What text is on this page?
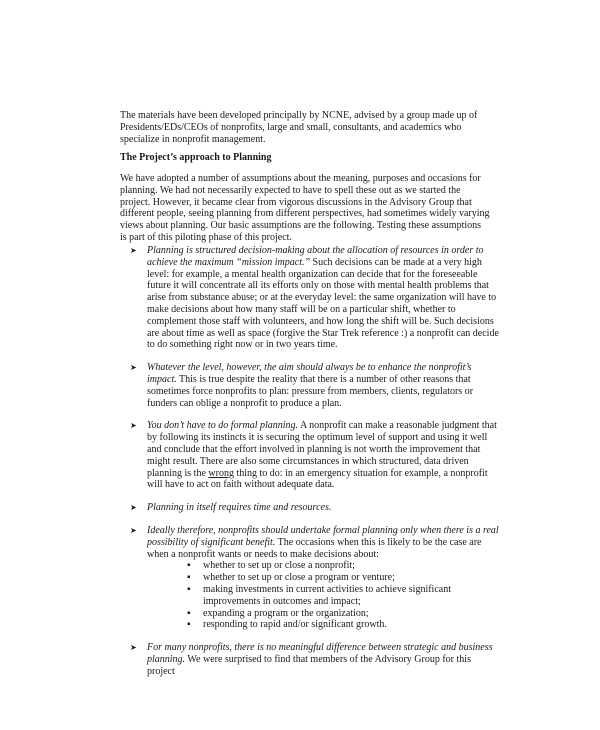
The materials have been developed principally by NCNE, advised by a group made up of Presidents/EDs/CEOs of nonprofits, large and small, consultants, and academics who specialize in nonprofit management.

The Project’s approach to Planning

We have adopted a number of assumptions about the meaning, purposes and occasions for planning. We had not necessarily expected to have to spell these out as we started the project. However, it became clear from vigorous discussions in the Advisory Group that different people, seeing planning from different perspectives, had sometimes widely varying views about planning. Our basic assumptions are the following. Testing these assumptions is part of this piloting phase of this project.

➤ Planning is structured decision-making about the allocation of resources in order to achieve the maximum “mission impact.” Such decisions can be made at a very high level: for example, a mental health organization can decide that for the foreseeable future it will concentrate all its efforts only on those with mental health problems that arise from substance abuse; or at the everyday level: the same organization will have to make decisions about how many staff will be on a particular shift, whether to complement those staff with volunteers, and how long the shift will be. Such decisions are about time as well as space (forgive the Star Trek reference :) a nonprofit can decide to do something right now or in two years time.
➤ Whatever the level, however, the aim should always be to enhance the nonprofit’s impact. This is true despite the reality that there is a number of other reasons that sometimes force nonprofits to plan: pressure from members, clients, regulators or funders can oblige a nonprofit to produce a plan.
➤ You don’t have to do formal planning. A nonprofit can make a reasonable judgment that by following its instincts it is securing the optimum level of support and using it well and conclude that the effort involved in planning is not worth the improvement that might result. There are also some circumstances in which structured, data driven planning is the wrong thing to do: in an emergency situation for example, a nonprofit will have to act on faith without adequate data.
➤ Planning in itself requires time and resources.
➤ Ideally therefore, nonprofits should undertake formal planning only when there is a real possibility of significant benefit. The occasions when this is likely to be the case are when a nonprofit wants or needs to make decisions about:
▪ whether to set up or close a nonprofit;
▪ whether to set up or close a program or venture;
▪ making investments in current activities to achieve significant improvements in outcomes and impact;
▪ expanding a program or the organization;
▪ responding to rapid and/or significant growth.
➤ For many nonprofits, there is no meaningful difference between strategic and business planning. We were surprised to find that members of the Advisory Group for this project
